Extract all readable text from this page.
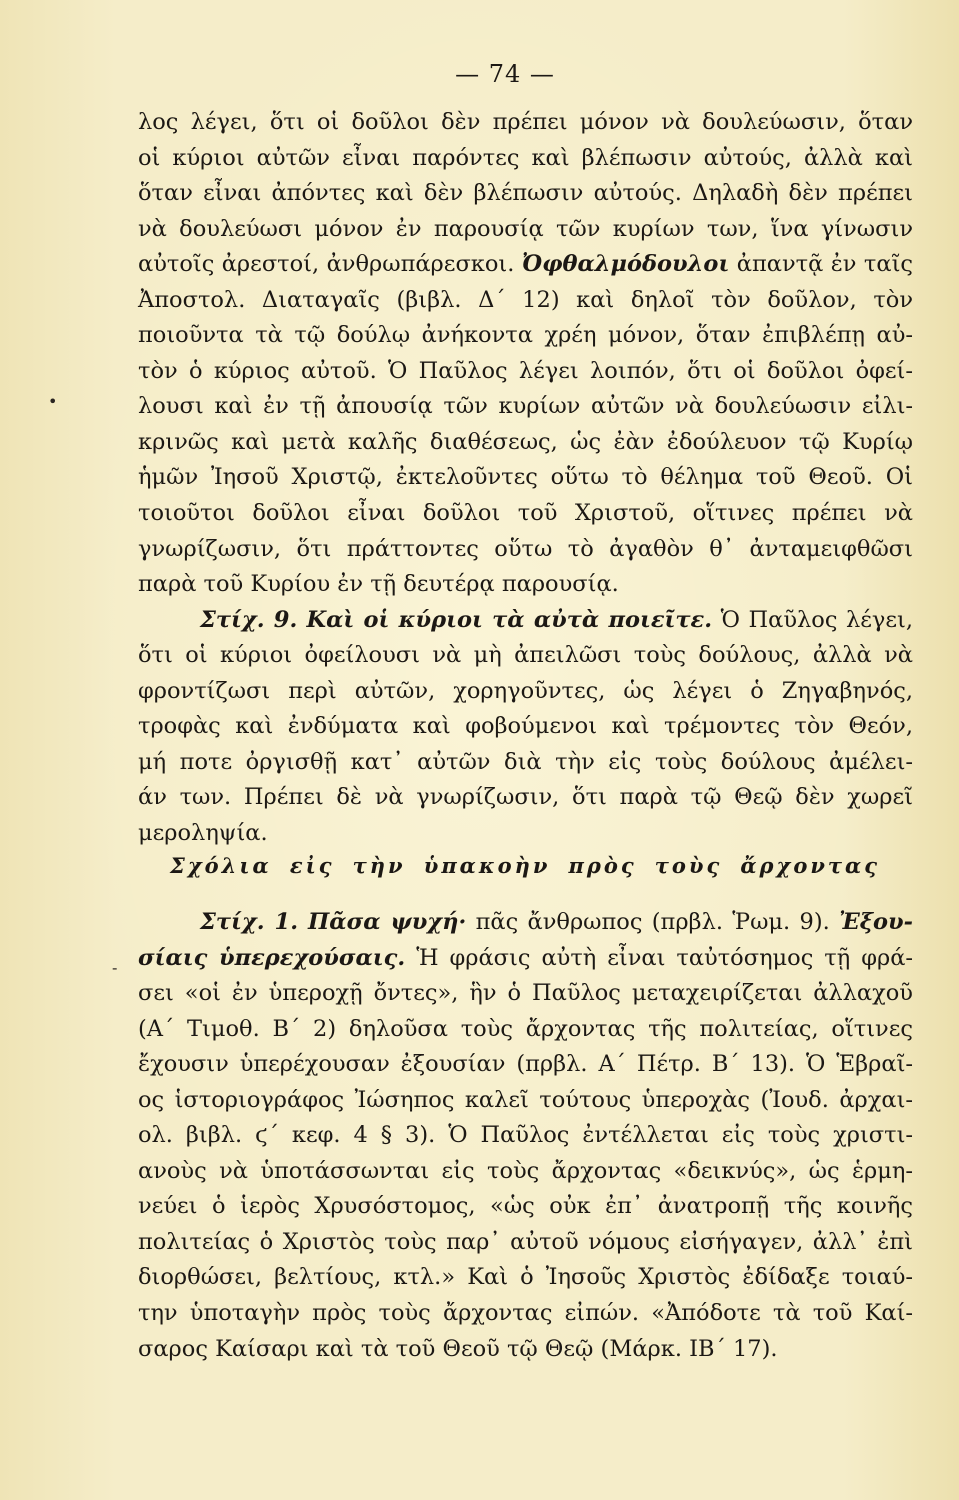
— 74 —
λος λέγει, ὅτι οἱ δοῦλοι δὲν πρέπει μόνον νὰ δουλεύωσιν, ὅταν
οἱ κύριοι αὐτῶν εἶναι παρόντες καὶ βλέπωσιν αὐτούς, ἀλλὰ καὶ
ὅταν εἶναι ἀπόντες καὶ δὲν βλέπωσιν αὐτούς. Δηλαδὴ δὲν πρέπει
νὰ δουλεύωσι μόνον ἐν παρουσίᾳ τῶν κυρίων των, ἵνα γίνωσιν
αὐτοῖς ἀρεστοί, ἀνθρωπάρεσκοι. Ὀφθαλμόδουλοι ἀπαντᾷ ἐν ταῖς
Ἀποστολ. Διαταγαῖς (βιβλ. Δ΄ 12) καὶ δηλοῖ τὸν δοῦλον, τὸν
ποιοῦντα τὰ τῷ δούλῳ ἀνήκοντα χρέη μόνον, ὅταν ἐπιβλέπῃ αὐ-
τὸν ὁ κύριος αὐτοῦ. Ὁ Παῦλος λέγει λοιπόν, ὅτι οἱ δοῦλοι ὀφεί-
λουσι καὶ ἐν τῇ ἀπουσίᾳ τῶν κυρίων αὐτῶν νὰ δουλεύωσιν εἰλι-
κρινῶς καὶ μετὰ καλῆς διαθέσεως, ὡς ἐὰν ἐδούλευον τῷ Κυρίῳ
ἡμῶν Ἰησοῦ Χριστῷ, ἐκτελοῦντες οὕτω τὸ θέλημα τοῦ Θεοῦ. Οἱ
τοιοῦτοι δοῦλοι εἶναι δοῦλοι τοῦ Χριστοῦ, οἵτινες πρέπει νὰ
γνωρίζωσιν, ὅτι πράττοντες οὕτω τὸ ἀγαθὸν θ᾽ ἀνταμειφθῶσι
παρὰ τοῦ Κυρίου ἐν τῇ δευτέρᾳ παρουσίᾳ.
Στίχ. 9. Καὶ οἱ κύριοι τὰ αὐτὰ ποιεῖτε. Ὁ Παῦλος λέγει,
ὅτι οἱ κύριοι ὀφείλουσι νὰ μὴ ἀπειλῶσι τοὺς δούλους, ἀλλὰ νὰ
φροντίζωσι περὶ αὐτῶν, χορηγοῦντες, ὡς λέγει ὁ Ζηγαβηνός,
τροφὰς καὶ ἐνδύματα καὶ φοβούμενοι καὶ τρέμοντες τὸν Θεόν,
μή ποτε ὀργισθῇ κατ᾽ αὐτῶν διὰ τὴν εἰς τοὺς δούλους ἀμέλει-
άν των. Πρέπει δὲ νὰ γνωρίζωσιν, ὅτι παρὰ τῷ Θεῷ δὲν χωρεῖ
μεροληψία.
Σχόλια εἰς τὴν ὑπακοὴν πρὸς τοὺς ἄρχοντας
Στίχ. 1. Πᾶσα ψυχή· πᾶς ἄνθρωπος (πρβλ. Ῥωμ. 9). Ἐξου-
σίαις ὑπερεχούσαις. Ἡ φράσις αὐτὴ εἶναι ταὐτόσημος τῇ φρά-
σει «οἱ ἐν ὑπεροχῇ ὄντες», ἣν ὁ Παῦλος μεταχειρίζεται ἀλλαχοῦ
(Α΄ Τιμοθ. Β΄ 2) δηλοῦσα τοὺς ἄρχοντας τῆς πολιτείας, οἵτινες
ἔχουσιν ὑπερέχουσαν ἐξουσίαν (πρβλ. Α΄ Πέτρ. Β΄ 13). Ὁ Ἑβραῖ-
ος ἱστοριογράφος Ἰώσηπος καλεῖ τούτους ὑπεροχὰς (Ἰουδ. ἀρχαι-
ολ. βιβλ. ϛ΄ κεφ. 4 § 3). Ὁ Παῦλος ἐντέλλεται εἰς τοὺς χριστι-
ανοὺς νὰ ὑποτάσσωνται εἰς τοὺς ἄρχοντας «δεικνύς», ὡς ἑρμη-
νεύει ὁ ἱερὸς Χρυσόστομος, «ὡς οὐκ ἐπ᾽ ἀνατροπῇ τῆς κοινῆς
πολιτείας ὁ Χριστὸς τοὺς παρ᾽ αὐτοῦ νόμους εἰσήγαγεν, ἀλλ᾽ ἐπὶ
διορθώσει, βελτίους, κτλ.» Καὶ ὁ Ἰησοῦς Χριστὸς ἐδίδαξε τοιαύ-
την ὑποταγὴν πρὸς τοὺς ἄρχοντας εἰπών. «Ἀπόδοτε τὰ τοῦ Καί-
σαρος Καίσαρι καὶ τὰ τοῦ Θεοῦ τῷ Θεῷ (Μάρκ. ΙΒ΄ 17).
•
-
